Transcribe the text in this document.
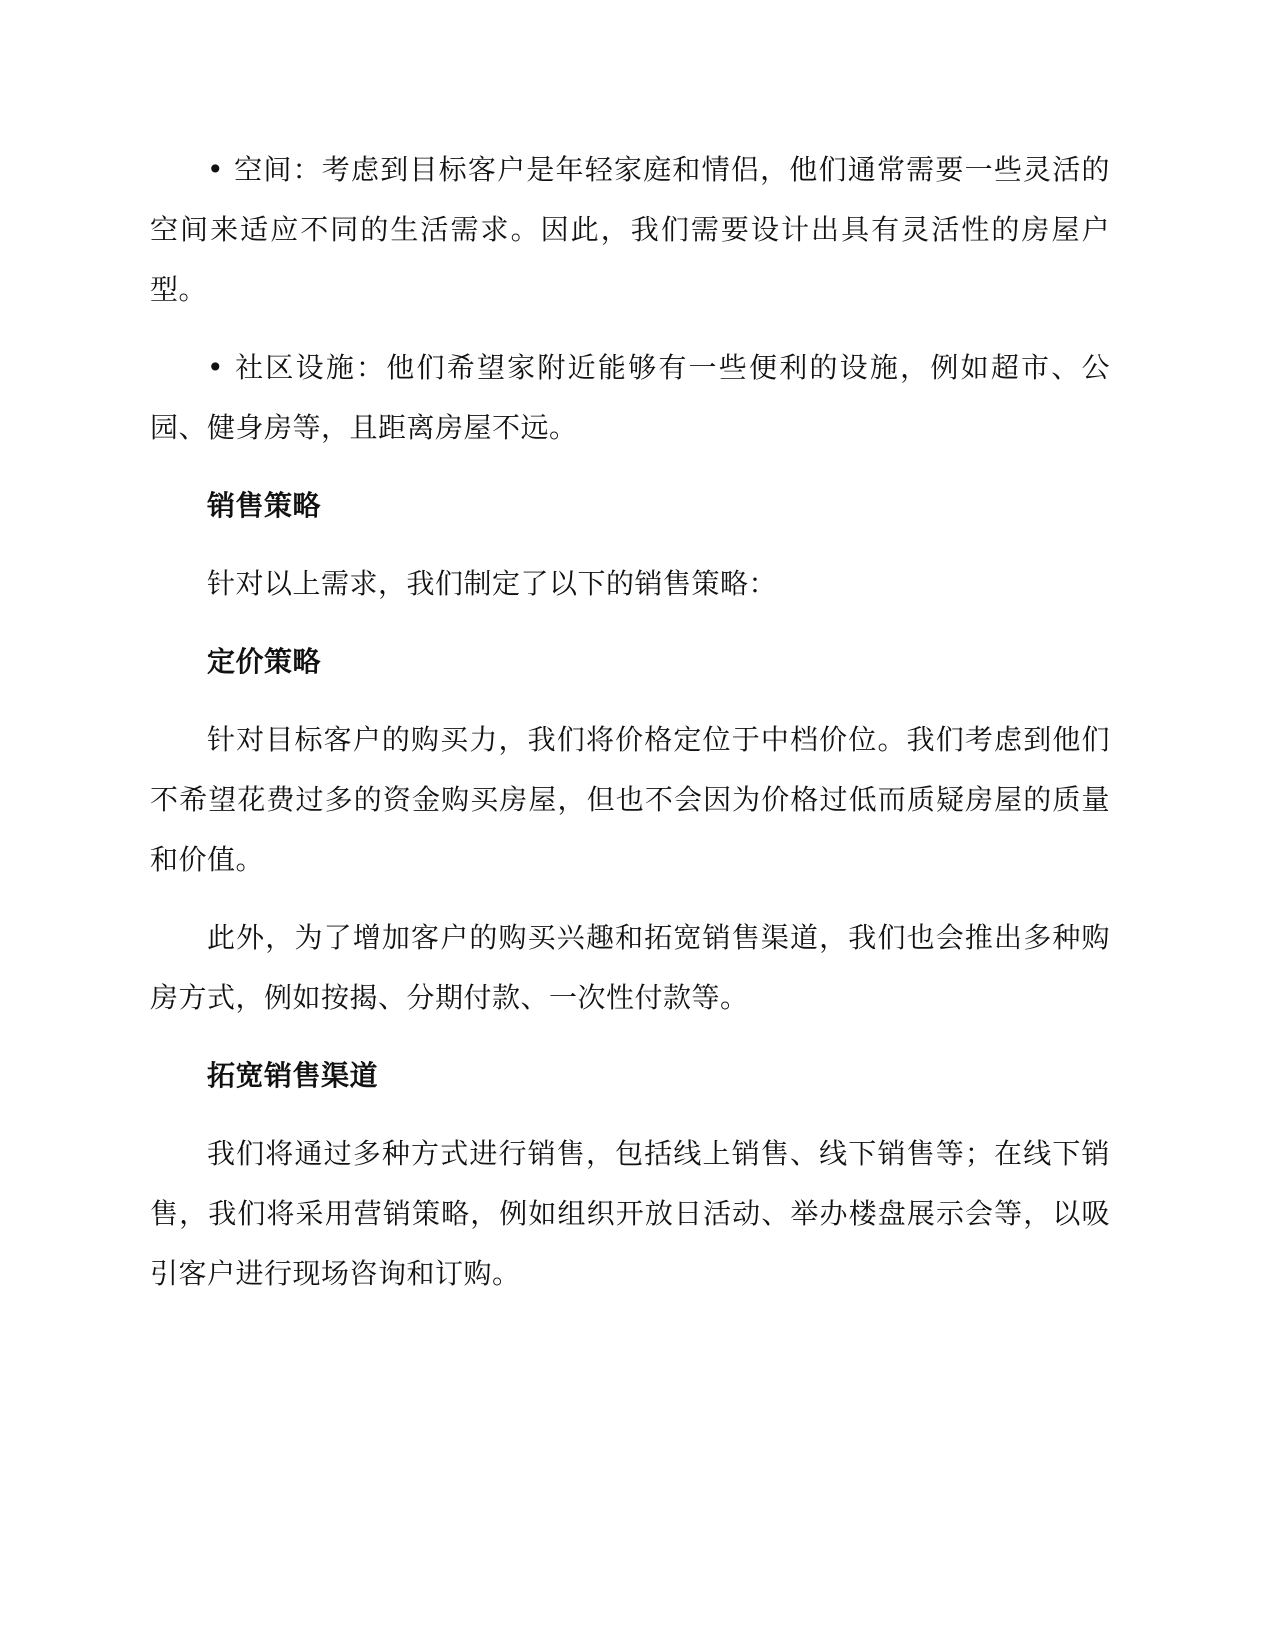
• 空间：考虑到目标客户是年轻家庭和情侣，他们通常需要一些灵活的空间来适应不同的生活需求。因此，我们需要设计出具有灵活性的房屋户型。

• 社区设施：他们希望家附近能够有一些便利的设施，例如超市、公园、健身房等，且距离房屋不远。

销售策略

针对以上需求，我们制定了以下的销售策略：

定价策略

针对目标客户的购买力，我们将价格定位于中档价位。我们考虑到他们不希望花费过多的资金购买房屋，但也不会因为价格过低而质疑房屋的质量和价值。

此外，为了增加客户的购买兴趣和拓宽销售渠道，我们也会推出多种购房方式，例如按揭、分期付款、一次性付款等。

拓宽销售渠道

我们将通过多种方式进行销售，包括线上销售、线下销售等；在线下销售，我们将采用营销策略，例如组织开放日活动、举办楼盘展示会等，以吸引客户进行现场咨询和订购。
